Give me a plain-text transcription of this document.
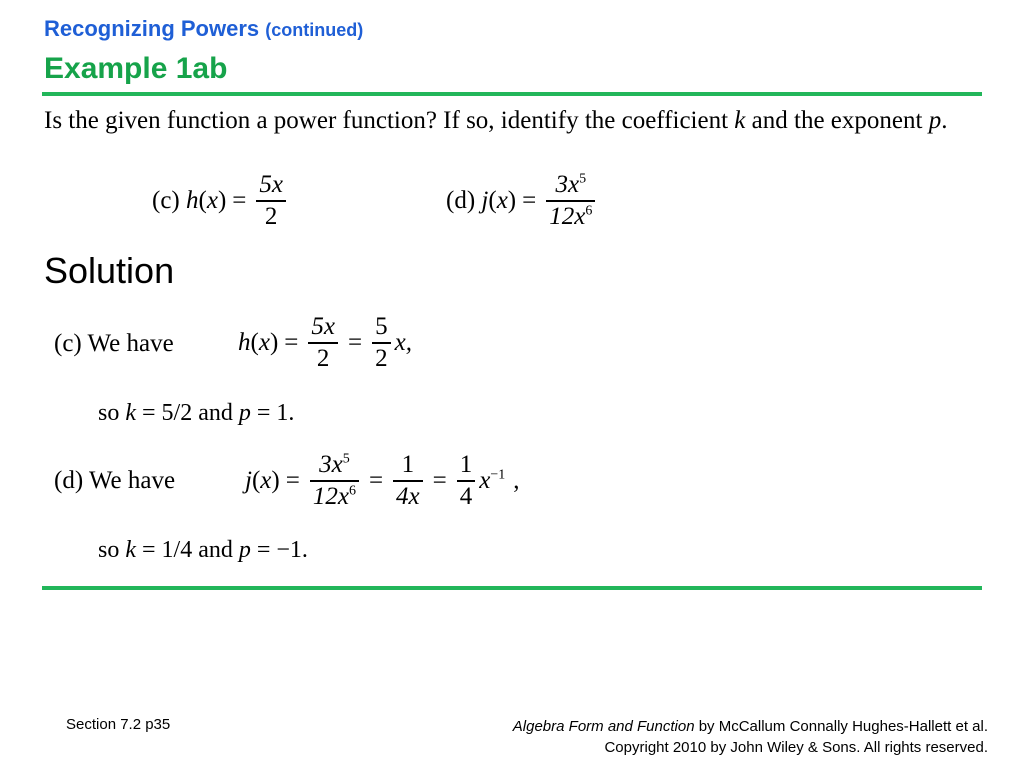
Recognizing Powers (continued)
Example 1ab
Is the given function a power function? If so, identify the coefficient k and the exponent p.
(c)
h ( x ) = $\frac{5x}{2}$	(d)
j ( x ) = $\frac{3x^5}{12x^6}$
Solution
(c) We have	h ( x ) = $\frac{5x}{2} = \frac{5}{2} x$,
so k = 5/2 and p = 1.
(d) We have	j ( x ) = $\frac{3x^5}{12x^6} = \frac{1}{4x} = \frac{1}{4} x^{-1}$ ,
so k = 1/4 and p = −1.
Section 7.2 p35	Algebra Form and Function by McCallum Connally Hughes-Hallett et al.
Copyright 2010 by John Wiley & Sons. All rights reserved.
